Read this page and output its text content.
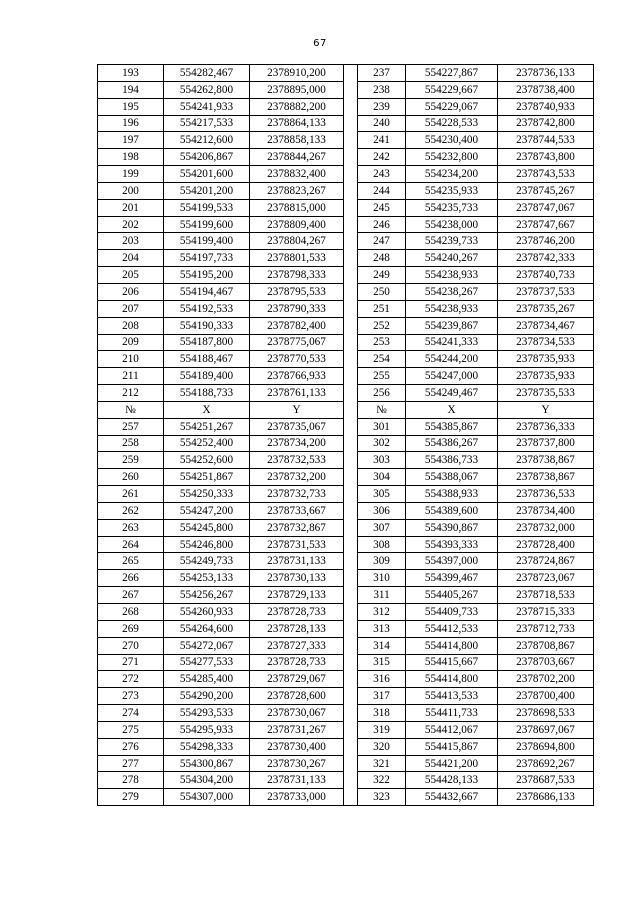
67
193	554282,467	2378910,200		237	554227,867	2378736,133
194	554262,800	2378895,000		238	554229,667	2378738,400
195	554241,933	2378882,200		239	554229,067	2378740,933
196	554217,533	2378864,133		240	554228,533	2378742,800
197	554212,600	2378858,133		241	554230,400	2378744,533
198	554206,867	2378844,267		242	554232,800	2378743,800
199	554201,600	2378832,400		243	554234,200	2378743,533
200	554201,200	2378823,267		244	554235,933	2378745,267
201	554199,533	2378815,000		245	554235,733	2378747,067
202	554199,600	2378809,400		246	554238,000	2378747,667
203	554199,400	2378804,267		247	554239,733	2378746,200
204	554197,733	2378801,533		248	554240,267	2378742,333
205	554195,200	2378798,333		249	554238,933	2378740,733
206	554194,467	2378795,533		250	554238,267	2378737,533
207	554192,533	2378790,333		251	554238,933	2378735,267
208	554190,333	2378782,400		252	554239,867	2378734,467
209	554187,800	2378775,067		253	554241,333	2378734,533
210	554188,467	2378770,533		254	554244,200	2378735,933
211	554189,400	2378766,933		255	554247,000	2378735,933
212	554188,733	2378761,133		256	554249,467	2378735,533
№	X	Y		№	X	Y
257	554251,267	2378735,067		301	554385,867	2378736,333
258	554252,400	2378734,200		302	554386,267	2378737,800
259	554252,600	2378732,533		303	554386,733	2378738,867
260	554251,867	2378732,200		304	554388,067	2378738,867
261	554250,333	2378732,733		305	554388,933	2378736,533
262	554247,200	2378733,667		306	554389,600	2378734,400
263	554245,800	2378732,867		307	554390,867	2378732,000
264	554246,800	2378731,533		308	554393,333	2378728,400
265	554249,733	2378731,133		309	554397,000	2378724,867
266	554253,133	2378730,133		310	554399,467	2378723,067
267	554256,267	2378729,133		311	554405,267	2378718,533
268	554260,933	2378728,733		312	554409,733	2378715,333
269	554264,600	2378728,133		313	554412,533	2378712,733
270	554272,067	2378727,333		314	554414,800	2378708,867
271	554277,533	2378728,733		315	554415,667	2378703,667
272	554285,400	2378729,067		316	554414,800	2378702,200
273	554290,200	2378728,600		317	554413,533	2378700,400
274	554293,533	2378730,067		318	554411,733	2378698,533
275	554295,933	2378731,267		319	554412,067	2378697,067
276	554298,333	2378730,400		320	554415,867	2378694,800
277	554300,867	2378730,267		321	554421,200	2378692,267
278	554304,200	2378731,133		322	554428,133	2378687,533
279	554307,000	2378733,000		323	554432,667	2378686,133
